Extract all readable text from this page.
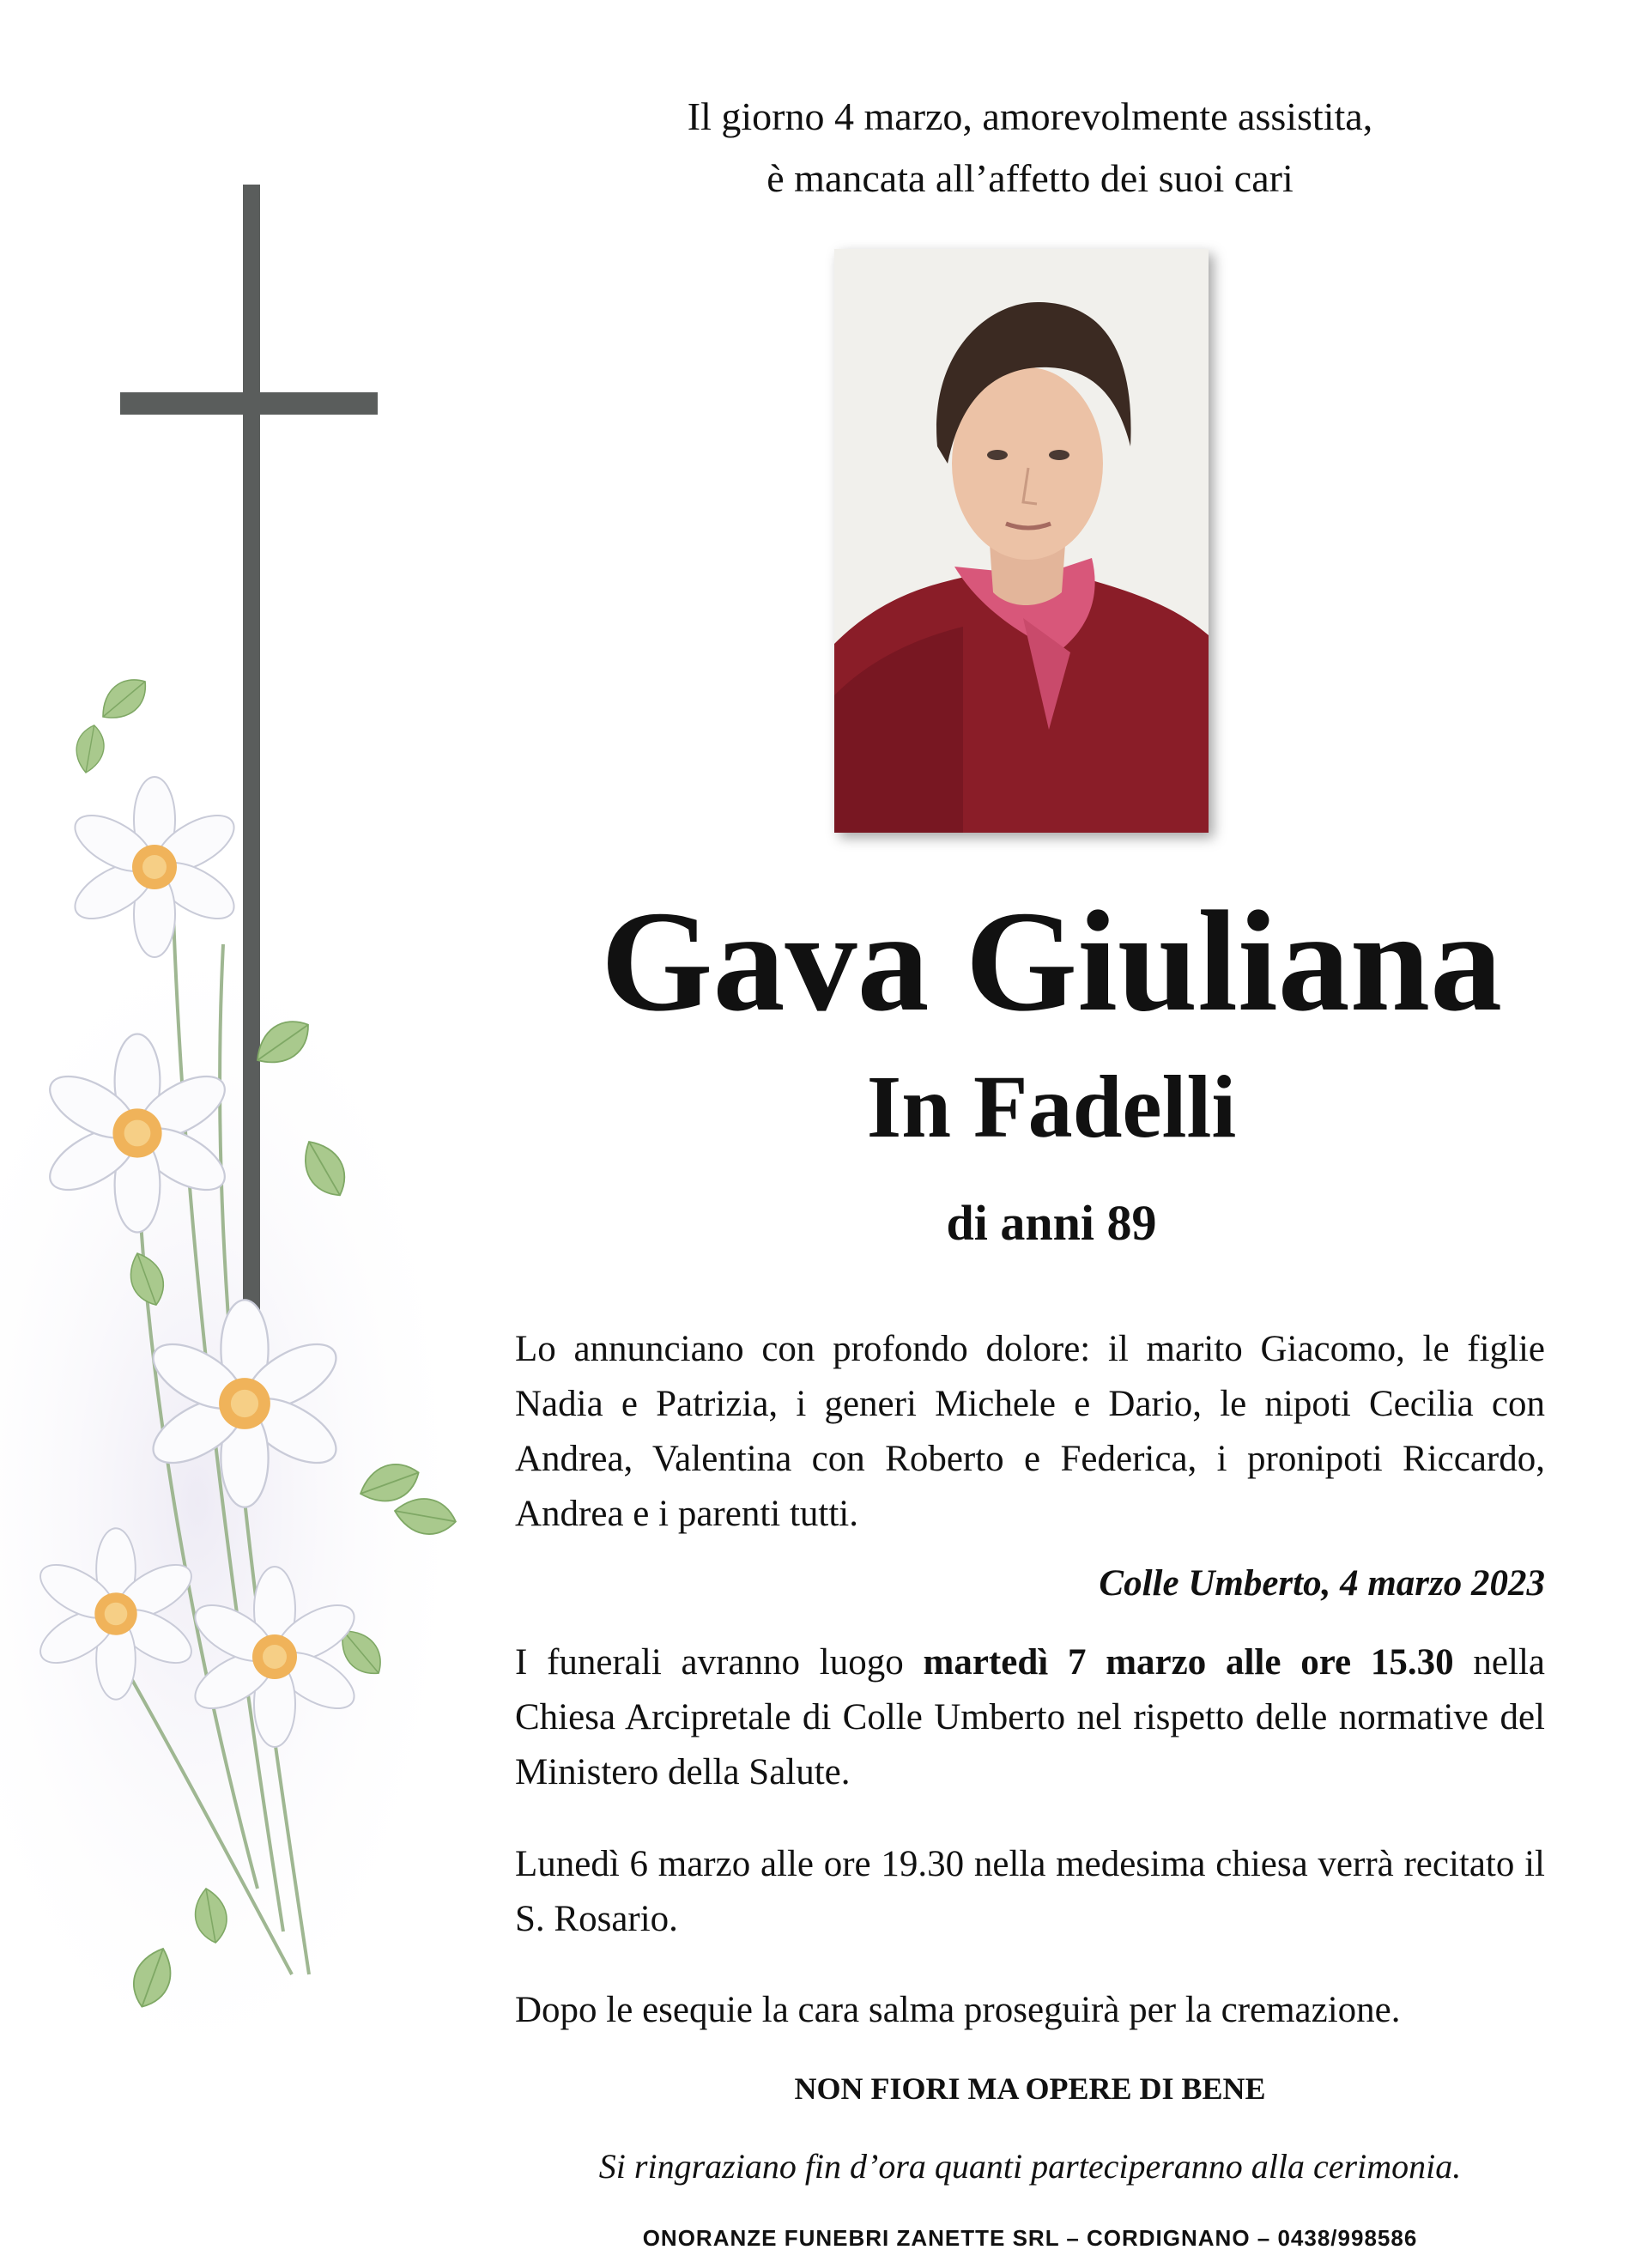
Il giorno 4 marzo, amorevolmente assistita,
è mancata all’affetto dei suoi cari
Gava Giuliana
In Fadelli
di anni 89
Lo annunciano con profondo dolore: il marito Giacomo, le figlie Nadia e Patrizia, i generi Michele e Dario, le nipoti Cecilia con Andrea, Valentina con Roberto e Federica, i pronipoti Riccardo, Andrea e i parenti tutti.
Colle Umberto, 4 marzo 2023
I funerali avranno luogo martedì 7 marzo alle ore 15.30 nella Chiesa Arcipretale di Colle Umberto nel rispetto delle normative del Ministero della Salute.
Lunedì 6 marzo alle ore 19.30 nella medesima chiesa verrà recitato il S. Rosario.
Dopo le esequie la cara salma proseguirà per la cremazione.
NON FIORI MA OPERE DI BENE
Si ringraziano fin d’ora quanti parteciperanno alla cerimonia.
ONORANZE FUNEBRI ZANETTE SRL – CORDIGNANO – 0438/998586
